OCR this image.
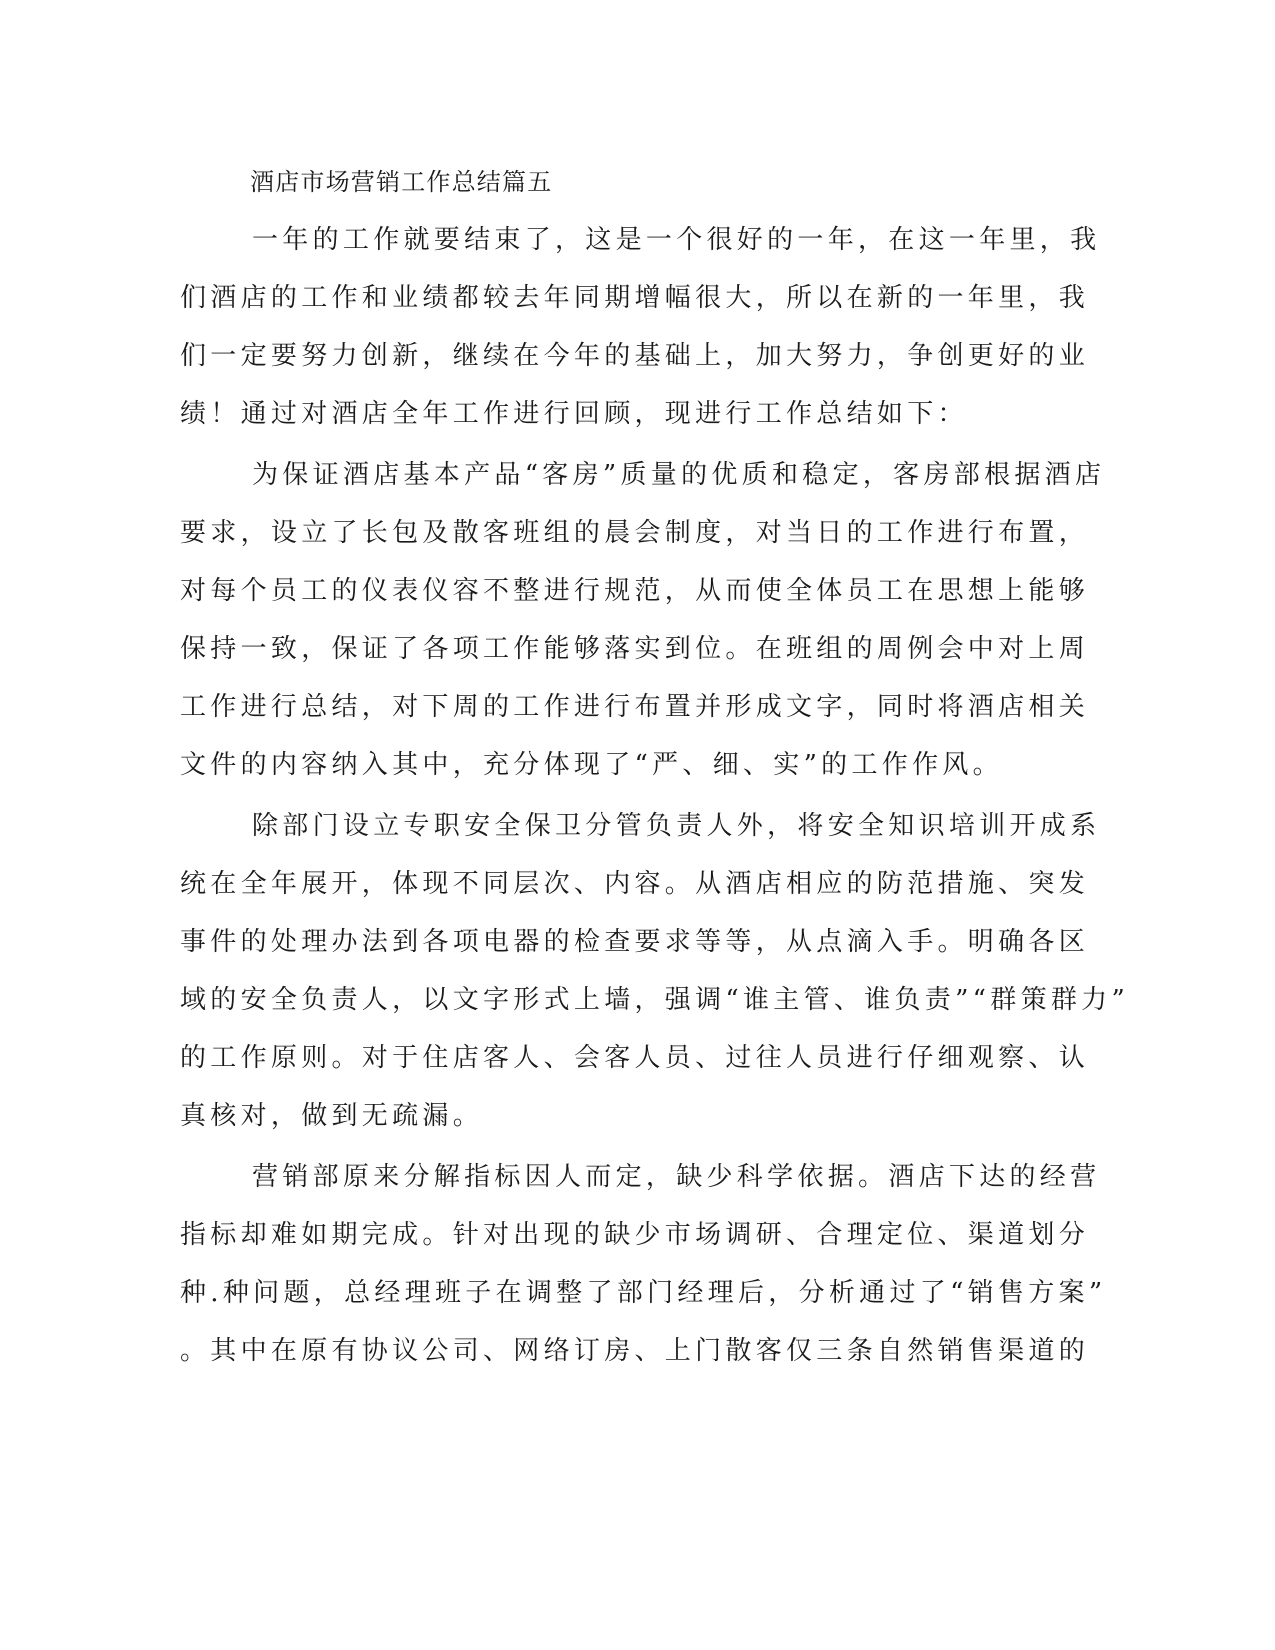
酒店市场营销工作总结篇五

一年的工作就要结束了，这是一个很好的一年，在这一年里，我
们酒店的工作和业绩都较去年同期增幅很大，所以在新的一年里，我
们一定要努力创新，继续在今年的基础上，加大努力，争创更好的业
绩！通过对酒店全年工作进行回顾，现进行工作总结如下：

为保证酒店基本产品“客房”质量的优质和稳定，客房部根据酒店
要求，设立了长包及散客班组的晨会制度，对当日的工作进行布置，
对每个员工的仪表仪容不整进行规范，从而使全体员工在思想上能够
保持一致，保证了各项工作能够落实到位。在班组的周例会中对上周
工作进行总结，对下周的工作进行布置并形成文字，同时将酒店相关
文件的内容纳入其中，充分体现了“严、细、实”的工作作风。

除部门设立专职安全保卫分管负责人外，将安全知识培训开成系
统在全年展开，体现不同层次、内容。从酒店相应的防范措施、突发
事件的处理办法到各项电器的检查要求等等，从点滴入手。明确各区
域的安全负责人，以文字形式上墙，强调“谁主管、谁负责”“群策群力”
的工作原则。对于住店客人、会客人员、过往人员进行仔细观察、认
真核对，做到无疏漏。

营销部原来分解指标因人而定，缺少科学依据。酒店下达的经营
指标却难如期完成。针对出现的缺少市场调研、合理定位、渠道划分
种.种问题，总经理班子在调整了部门经理后，分析通过了“销售方案”
。其中在原有协议公司、网络订房、上门散客仅三条自然销售渠道的
